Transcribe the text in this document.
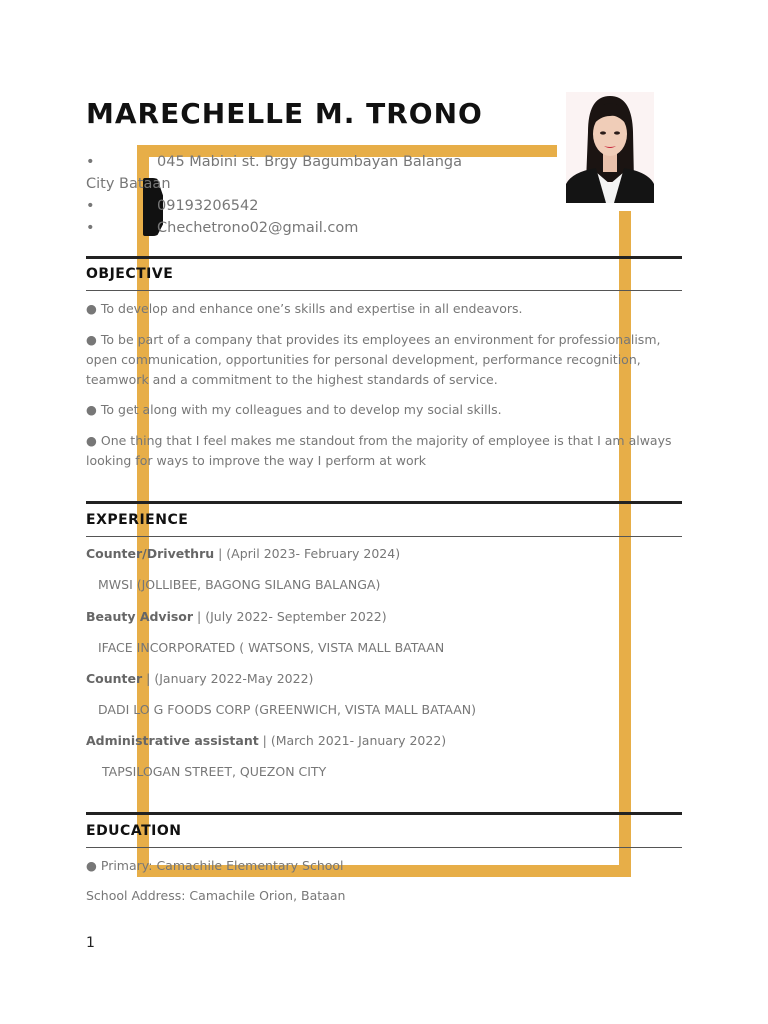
MARECHELLE M. TRONO
•	045 Mabini st. Brgy Bagumbayan Balanga
City Bataan
•	09193206542
•	Chechetrono02@gmail.com
OBJECTIVE
● To develop and enhance one’s skills and expertise in all endeavors.
● To be part of a company that provides its employees an environment for professionalism, open communication, opportunities for personal development, performance recognition, teamwork and a commitment to the highest standards of service.
● To get along with my colleagues and to develop my social skills.
● One thing that I feel makes me standout from the majority of employee is that I am always looking for ways to improve the way I perform at work
EXPERIENCE
Counter/Drivethru | (April 2023- February 2024)
MWSI (JOLLIBEE, BAGONG SILANG BALANGA)
Beauty Advisor | (July 2022- September 2022)
IFACE INCORPORATED ( WATSONS, VISTA MALL BATAAN
Counter | (January 2022-May 2022)
DADI LO G FOODS CORP (GREENWICH, VISTA MALL BATAAN)
Administrative assistant | (March 2021- January 2022)
TAPSILOGAN STREET, QUEZON CITY
EDUCATION
● Primary: Camachile Elementary School
School Address: Camachile Orion, Bataan
1
